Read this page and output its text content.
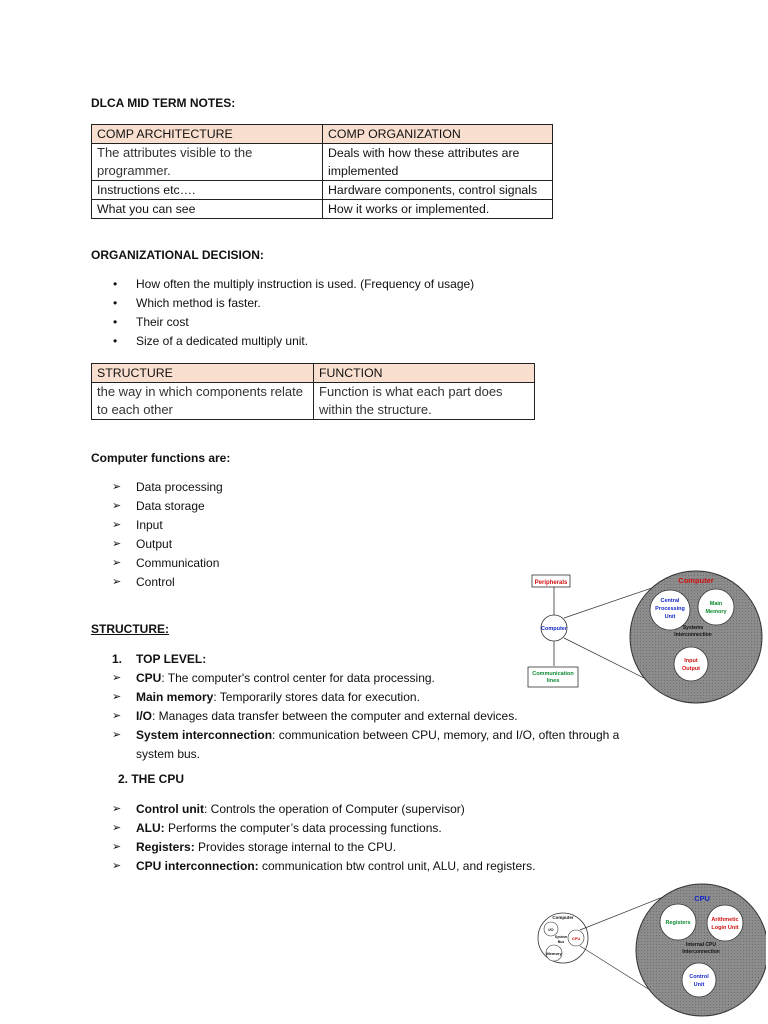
DLCA MID TERM NOTES:
COMP ARCHITECTURE	COMP ORGANIZATION
The attributes visible to the programmer.	Deals with how these attributes are implemented
Instructions etc….	Hardware components, control signals
What you can see	How it works or implemented.
ORGANIZATIONAL DECISION:
• How often the multiply instruction is used. (Frequency of usage)
• Which method is faster.
• Their cost
• Size of a dedicated multiply unit.
STRUCTURE	FUNCTION
the way in which components relate to each other	Function is what each part does within the structure.
Computer functions are:
➢ Data processing
➢ Data storage
➢ Input
➢ Output
➢ Communication
➢ Control
STRUCTURE:
1. TOP LEVEL:
➢ CPU: The computer's control center for data processing.
➢ Main memory: Temporarily stores data for execution.
➢ I/O: Manages data transfer between the computer and external devices.
➢ System interconnection: communication between CPU, memory, and I/O, often through a system bus.
2. THE CPU
➢ Control unit: Controls the operation of Computer (supervisor)
➢ ALU: Performs the computer’s data processing functions.
➢ Registers: Provides storage internal to the CPU.
➢ CPU interconnection: communication btw control unit, ALU, and registers.
Peripherals
Computer
Communication
lines
Computer
Central
Processing
Unit
Main
Memory
Systems
Interconnection
Input
Output
Computer
I/O
CPU
System
Bus
Memory
CPU
Registers	Arithmetic
Login Unit
Internal CPU
Interconnection
Control
Unit
